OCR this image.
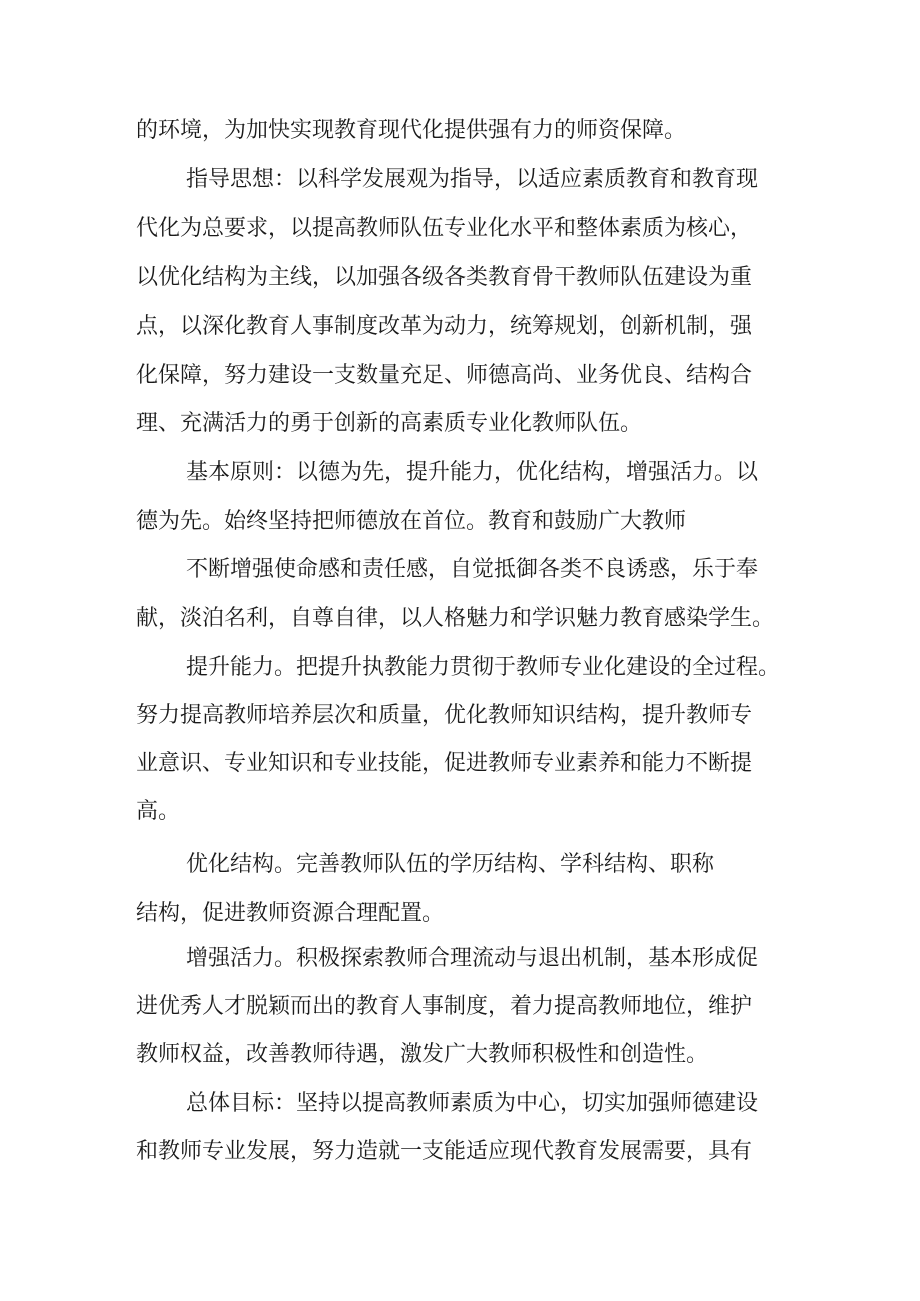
的环境，为加快实现教育现代化提供强有力的师资保障。
指导思想：以科学发展观为指导，以适应素质教育和教育现
代化为总要求，以提高教师队伍专业化水平和整体素质为核心，
以优化结构为主线，以加强各级各类教育骨干教师队伍建设为重
点，以深化教育人事制度改革为动力，统筹规划，创新机制，强
化保障，努力建设一支数量充足、师德高尚、业务优良、结构合
理、充满活力的勇于创新的高素质专业化教师队伍。
基本原则：以德为先，提升能力，优化结构，增强活力。以
德为先。始终坚持把师德放在首位。教育和鼓励广大教师
不断增强使命感和责任感，自觉抵御各类不良诱惑，乐于奉
献，淡泊名利，自尊自律，以人格魅力和学识魅力教育感染学生。
提升能力。把提升执教能力贯彻于教师专业化建设的全过程。
努力提高教师培养层次和质量，优化教师知识结构，提升教师专
业意识、专业知识和专业技能，促进教师专业素养和能力不断提
高。
优化结构。完善教师队伍的学历结构、学科结构、职称
结构，促进教师资源合理配置。
增强活力。积极探索教师合理流动与退出机制，基本形成促
进优秀人才脱颖而出的教育人事制度，着力提高教师地位，维护
教师权益，改善教师待遇，激发广大教师积极性和创造性。
总体目标：坚持以提高教师素质为中心，切实加强师德建设
和教师专业发展，努力造就一支能适应现代教育发展需要，具有
